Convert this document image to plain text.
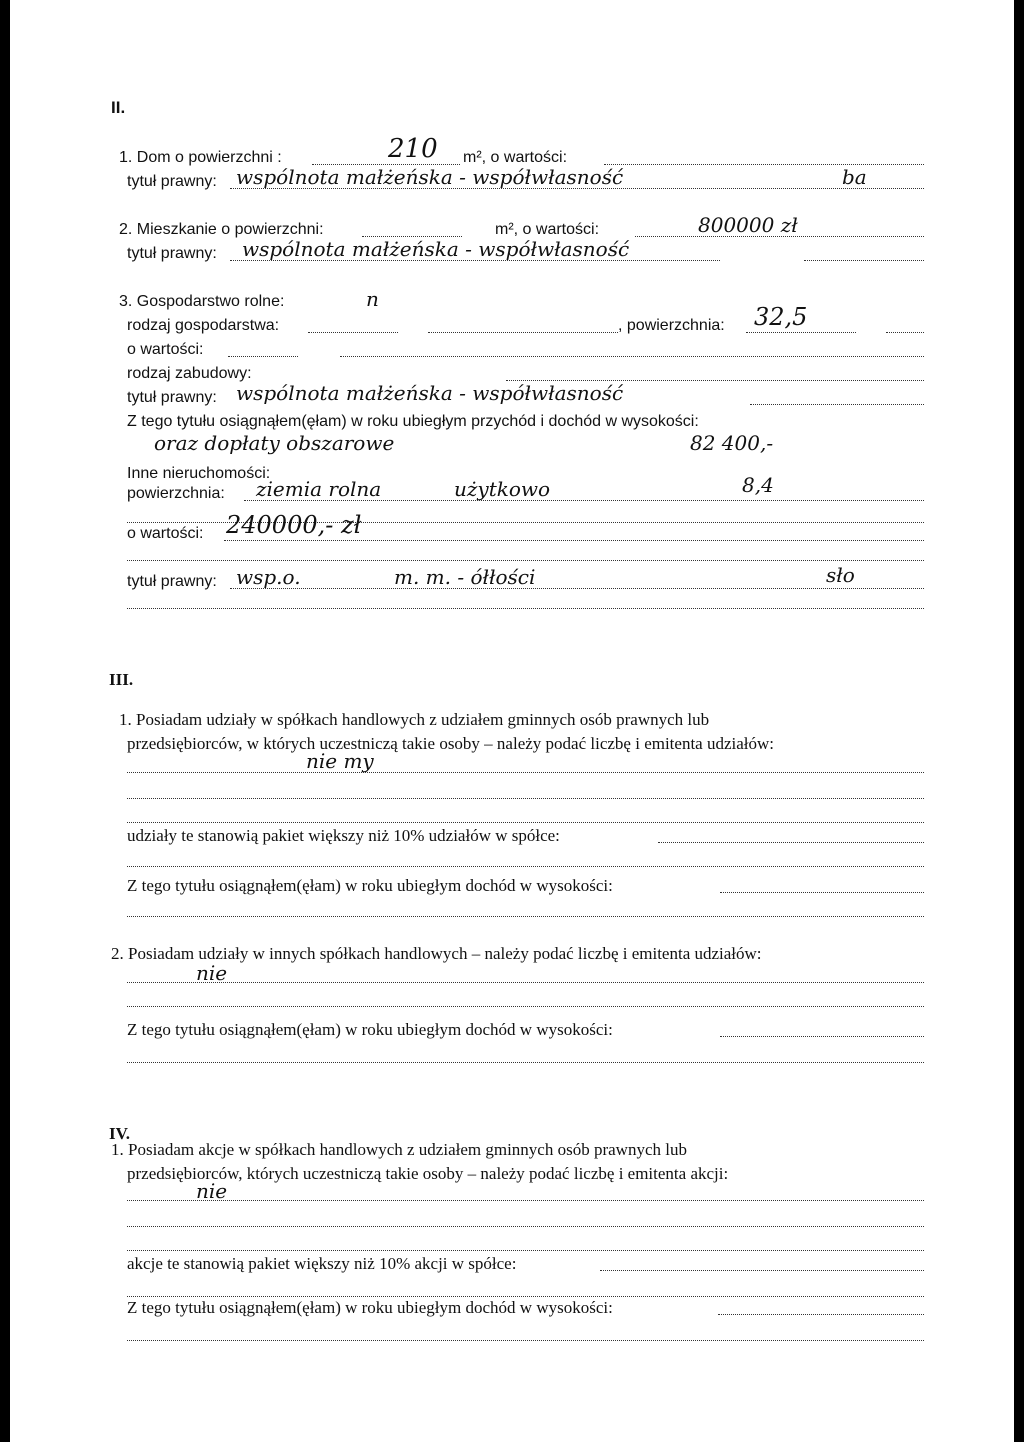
II.
1. Dom o powierzchni :	210 m², o wartości:
tytuł prawny: wspólnota małżeńska - współwłasność	ba
2. Mieszkanie o powierzchni:	m², o wartości:	800000 zł
tytuł prawny: wspólnota małżeńska - współwłasność
3. Gospodarstwo rolne:	n
rodzaj gospodarstwa:	, powierzchnia: 32,5
o wartości:
rodzaj zabudowy:
tytuł prawny: wspólnota małżeńska - współwłasność
Z tego tytułu osiągnąłem(ęłam) w roku ubiegłym przychód i dochód w wysokości:
oraz dopłaty obszarowe	82 400,-
Inne nieruchomości:
powierzchnia: ziemia rolna	użytkowo	8,4
o wartości: 240000,- zł
tytuł prawny: wsp.o.	m. m. - ółłości	sło
III.
1. Posiadam udziały w spółkach handlowych z udziałem gminnych osób prawnych lub
przedsiębiorców, w których uczestniczą takie osoby – należy podać liczbę i emitenta udziałów:
nie my
udziały te stanowią pakiet większy niż 10% udziałów w spółce:
Z tego tytułu osiągnąłem(ęłam) w roku ubiegłym dochód w wysokości:
2. Posiadam udziały w innych spółkach handlowych – należy podać liczbę i emitenta udziałów:
nie
Z tego tytułu osiągnąłem(ęłam) w roku ubiegłym dochód w wysokości:
IV.
1. Posiadam akcje w spółkach handlowych z udziałem gminnych osób prawnych lub
przedsiębiorców, których uczestniczą takie osoby – należy podać liczbę i emitenta akcji:
nie
akcje te stanowią pakiet większy niż 10% akcji w spółce:
Z tego tytułu osiągnąłem(ęłam) w roku ubiegłym dochód w wysokości:
